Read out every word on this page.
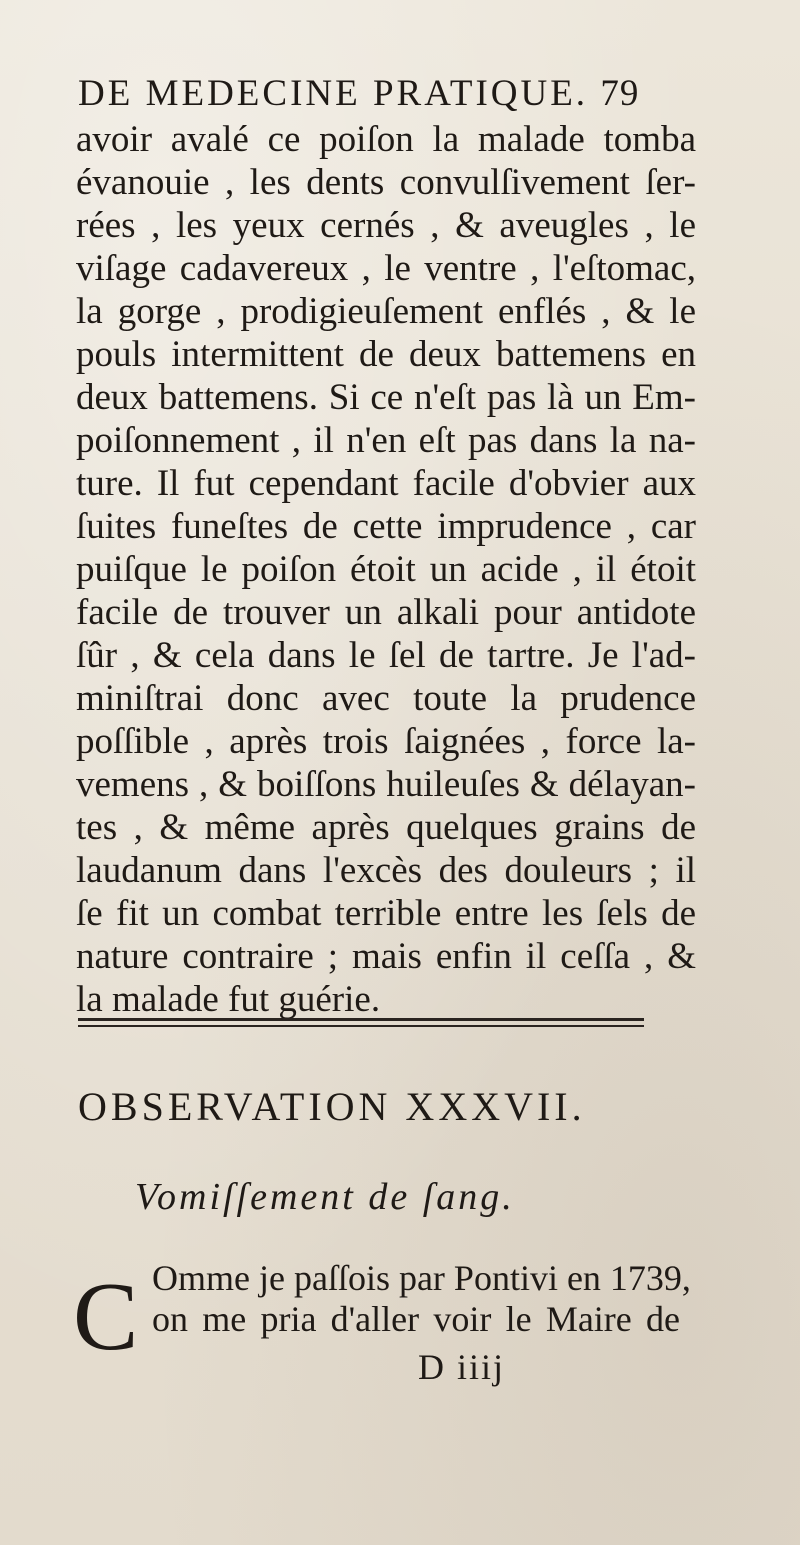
DE MEDECINE PRATIQUE. 79
avoir avalé ce poiſon la malade tomba
évanouie , les dents convulſivement ſer-
rées , les yeux cernés , & aveugles , le
viſage cadavereux , le ventre , l'eſtomac,
la gorge , prodigieuſement enflés , & le
pouls intermittent de deux battemens en
deux battemens. Si ce n'eſt pas là un Em-
poiſonnement , il n'en eſt pas dans la na-
ture. Il fut cependant facile d'obvier aux
ſuites funeſtes de cette imprudence , car
puiſque le poiſon étoit un acide , il étoit
facile de trouver un alkali pour antidote
ſûr , & cela dans le ſel de tartre. Je l'ad-
miniſtrai donc avec toute la prudence
poſſible , après trois ſaignées , force la-
vemens , & boiſſons huileuſes & délayan-
tes , & même après quelques grains de
laudanum dans l'excès des douleurs ; il
ſe fit un combat terrible entre les ſels de
nature contraire ; mais enfin il ceſſa , &
la malade fut guérie.
OBSERVATION XXXVII.
Vomiſſement de ſang.
C Omme je paſſois par Pontivi en 1739,
on me pria d'aller voir le Maire de
D iiij
